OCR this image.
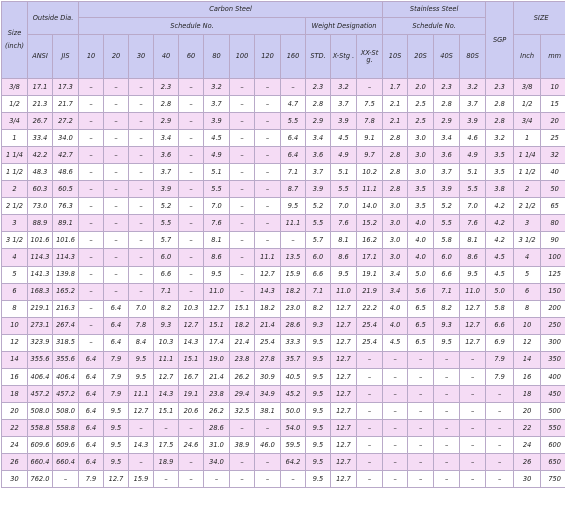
Size

(inch)	Outside Dia.		Carbon Steel												Stainless Steel				SGP	SIZE	
			Schedule No.									Weight Designation			Schedule No.						
	ANSI	JIS	10	20	30	40	60	80	100	120	160	STD.	X-Stg .	XX-St g.	10S	20S	40S	80S		Inch	mm
3/8	17.1	17.3	–	–	–	2.3	–	3.2	–	–	–	2.3	3.2	–	1.7	2.0	2.3	3.2	2.3	3/8	10
1/2	21.3	21.7	–	–	–	2.8	–	3.7	–	–	4.7	2.8	3.7	7.5	2.1	2.5	2.8	3.7	2.8	1/2	15
3/4	26.7	27.2	–	–	–	2.9	–	3.9	–	–	5.5	2.9	3.9	7.8	2.1	2.5	2.9	3.9	2.8	3/4	20
1	33.4	34.0	–	–	–	3.4	–	4.5	–	–	6.4	3.4	4.5	9.1	2.8	3.0	3.4	4.6	3.2	1	25
1 1/4	42.2	42.7	–	–	–	3.6	–	4.9	–	–	6.4	3.6	4.9	9.7	2.8	3.0	3.6	4.9	3.5	1 1/4	32
1 1/2	48.3	48.6	–	–	–	3.7	–	5.1	–	–	7.1	3.7	5.1	10.2	2.8	3.0	3.7	5.1	3.5	1 1/2	40
2	60.3	60.5	–	–	–	3.9	–	5.5	–	–	8.7	3.9	5.5	11.1	2.8	3.5	3.9	5.5	3.8	2	50
2 1/2	73.0	76.3	–	–	–	5.2	–	7.0	–	–	9.5	5.2	7.0	14.0	3.0	3.5	5.2	7.0	4.2	2 1/2	65
3	88.9	89.1	–	–	–	5.5	–	7.6	–	–	11.1	5.5	7.6	15.2	3.0	4.0	5.5	7.6	4.2	3	80
3 1/2	101.6	101.6	–	–	–	5.7	–	8.1	–	–	–	5.7	8.1	16.2	3.0	4.0	5.8	8.1	4.2	3 1/2	90
4	114.3	114.3	–	–	–	6.0	–	8.6	–	11.1	13.5	6.0	8.6	17.1	3.0	4.0	6.0	8.6	4.5	4	100
5	141.3	139.8	–	–	–	6.6	–	9.5	–	12.7	15.9	6.6	9.5	19.1	3.4	5.0	6.6	9.5	4.5	5	125
6	168.3	165.2	–	–	–	7.1	–	11.0	–	14.3	18.2	7.1	11.0	21.9	3.4	5.6	7.1	11.0	5.0	6	150
8	219.1	216.3	–	6.4	7.0	8.2	10.3	12.7	15.1	18.2	23.0	8.2	12.7	22.2	4.0	6.5	8.2	12.7	5.8	8	200
10	273.1	267.4	–	6.4	7.8	9.3	12.7	15.1	18.2	21.4	28.6	9.3	12.7	25.4	4.0	6.5	9.3	12.7	6.6	10	250
12	323.9	318.5	–	6.4	8.4	10.3	14.3	17.4	21.4	25.4	33.3	9.5	12.7	25.4	4.5	6.5	9.5	12.7	6.9	12	300
14	355.6	355.6	6.4	7.9	9.5	11.1	15.1	19.0	23.8	27.8	35.7	9.5	12.7	–	–	–	–	–	7.9	14	350
16	406.4	406.4	6.4	7.9	9.5	12.7	16.7	21.4	26.2	30.9	40.5	9.5	12.7	–	–	–	–	–	7.9	16	400
18	457.2	457.2	6.4	7.9	11.1	14.3	19.1	23.8	29.4	34.9	45.2	9.5	12.7	–	–	–	–	–	–	18	450
20	508.0	508.0	6.4	9.5	12.7	15.1	20.6	26.2	32.5	38.1	50.0	9.5	12.7	–	–	–	–	–	–	20	500
22	558.8	558.8	6.4	9.5	–	–	–	28.6	–	–	54.0	9.5	12.7	–	–	–	–	–	–	22	550
24	609.6	609.6	6.4	9.5	14.3	17.5	24.6	31.0	38.9	46.0	59.5	9.5	12.7	–	–	–	–	–	–	24	600
26	660.4	660.4	6.4	9.5	–	18.9	–	34.0	–	–	64.2	9.5	12.7	–	–	–	–	–	–	26	650
30	762.0	–	7.9	12.7	15.9	–	–	–	–	–	–	9.5	12.7	–	–	–	–	–	–	30	750
